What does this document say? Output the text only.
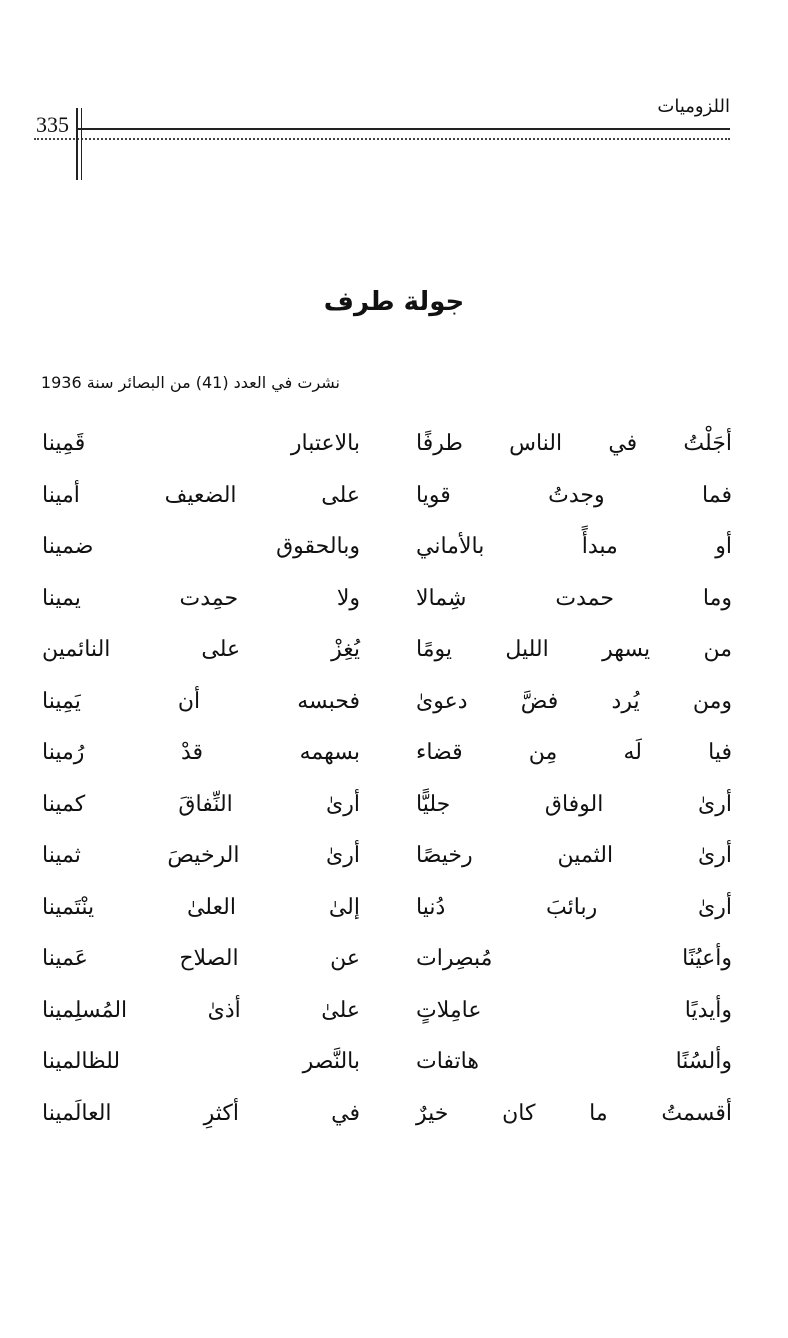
اللزوميات
335
جولة طرف
نشرت في العدد (41) من البصائر سنة 1936
أجَلْتُ في الناس طرفًا
بالاعتبار قَمِينا
فما وجدتُ قويا
على الضعيف أمينا
أو مبدأً بالأماني
وبالحقوق ضمينا
وما حمدت شِمالا
ولا حمِدت يمينا
من يسهر الليل يومًا
يُغِزْ على النائمين
ومن يُرد فضَّ دعوىٰ
فحبسه أن يَمِينا
فيا لَه مِن قضاء
بسهمه قدْ رُمينا
أرىٰ الوفاق جليًّا
أرىٰ النِّفاقَ كمينا
أرىٰ الثمين رخيصًا
أرىٰ الرخيصَ ثمينا
أرىٰ ربائبَ دُنيا
إلىٰ العلىٰ ينْتَمينا
وأعيُنًا مُبصِرات
عن الصلاح عَمينا
وأيديًا عامِلاتٍ
علىٰ أذىٰ المُسلِمينا
وألسُنًا هاتفات
بالنَّصر للظالمينا
أقسمتُ ما كان خيرٌ
في أكثرِ العالَمينا
